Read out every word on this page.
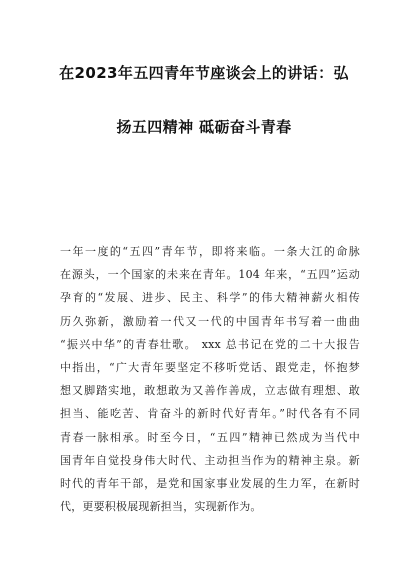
在2023年五四青年节座谈会上的讲话：弘
扬五四精神 砥砺奋斗青春
一年一度的“五四”青年节，即将来临。一条大江的命脉
在源头，一个国家的未来在青年。104 年来，“五四”运动
孕育的“发展、进步、民主、科学”的伟大精神薪火相传
历久弥新，激励着一代又一代的中国青年书写着一曲曲
“振兴中华”的青春壮歌。 xxx 总书记在党的二十大报告
中指出，“广大青年要坚定不移听党话、跟党走，怀抱梦
想又脚踏实地，敢想敢为又善作善成，立志做有理想、敢
担当、能吃苦、肯奋斗的新时代好青年。”时代各有不同
青春一脉相承。时至今日，“五四”精神已然成为当代中
国青年自觉投身伟大时代、主动担当作为的精神主泉。新
时代的青年干部，是党和国家事业发展的生力军，在新时
代，更要积极展现新担当，实现新作为。
